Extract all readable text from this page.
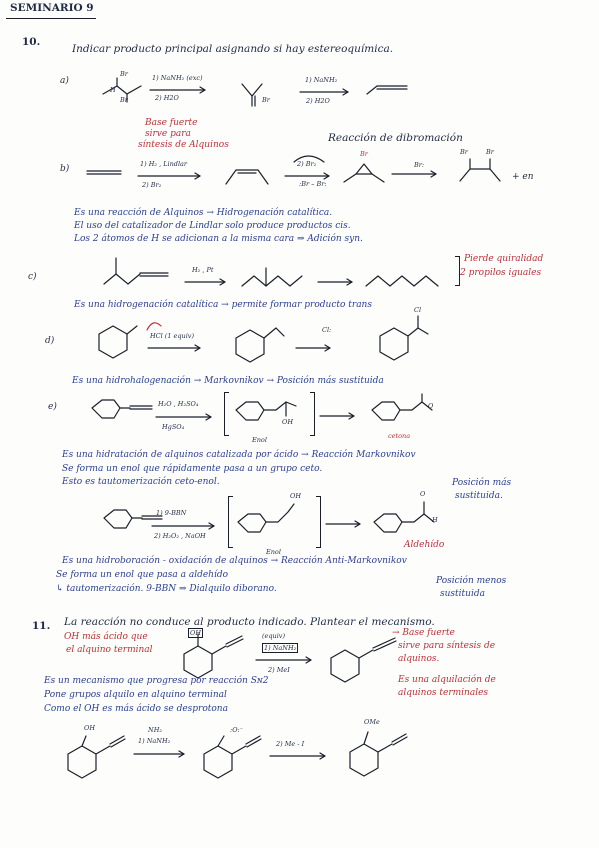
SEMINARIO 9
10.
Indicar producto principal asignando si hay estereoquímica.
a)
Br
Br
H
1) NaNH₂ (exc)
2) H2O	Br
1) NaNH₂
2) H2O
Base fuerte
sirve para
síntesis de Alquinos
Reacción de dibromación
b)	1) H₂ , Lindlar
2) Br₂
2) Br₂
:Br – Br:
Br
Br:
Br	Br
+ en
Es una reacción de Alquinos → Hidrogenación catalítica.
El uso del catalizador de Lindlar solo produce productos cis.
Los 2 átomos de H se adicionan a la misma cara ⇒ Adición syn.
c)
H₂ , Pt
Pierde quiralidad
2 propilos iguales
Es una hidrogenación catalítica → permite formar producto trans
d)	HCl (1 equiv)
Cl:
Cl
Es una hidrohalogenación → Markovnikov → Posición más sustituida
e)	H₂O , H₂SO₄
HgSO₄
OH
Enol
O
cetona
Es una hidratación de alquinos catalizada por ácido → Reacción Markovnikov
Se forma un enol que rápidamente pasa a un grupo ceto.
Esto es tautomerización ceto-enol.	Posición más
sustituida.
1) 9-BBN
2) H₂O₂ , NaOH
OH
Enol
O
H
Aldehído
Es una hidroboración - oxidación de alquinos → Reacción Anti-Markovnikov
Se forma un enol que pasa a aldehído
↳ tautomerización. 9-BBN ⇒ Dialquilo diborano.
Posición menos
sustituida
11. La reacción no conduce al producto indicado. Plantear el mecanismo.
OH más ácido que
el alquino terminal
OH	(equiv)
1) NaNH₂
2) MeI
→ Base fuerte
sirve para síntesis de
alquinos.
Es una alquilación de
alquinos terminales
Es un mecanismo que progresa por reacción Sɴ2
Pone grupos alquilo en alquino terminal
Como el OH es más ácido se desprotona
OH	NH₂
1) NaNH₂
:O:⁻
2) Me - I
OMe
